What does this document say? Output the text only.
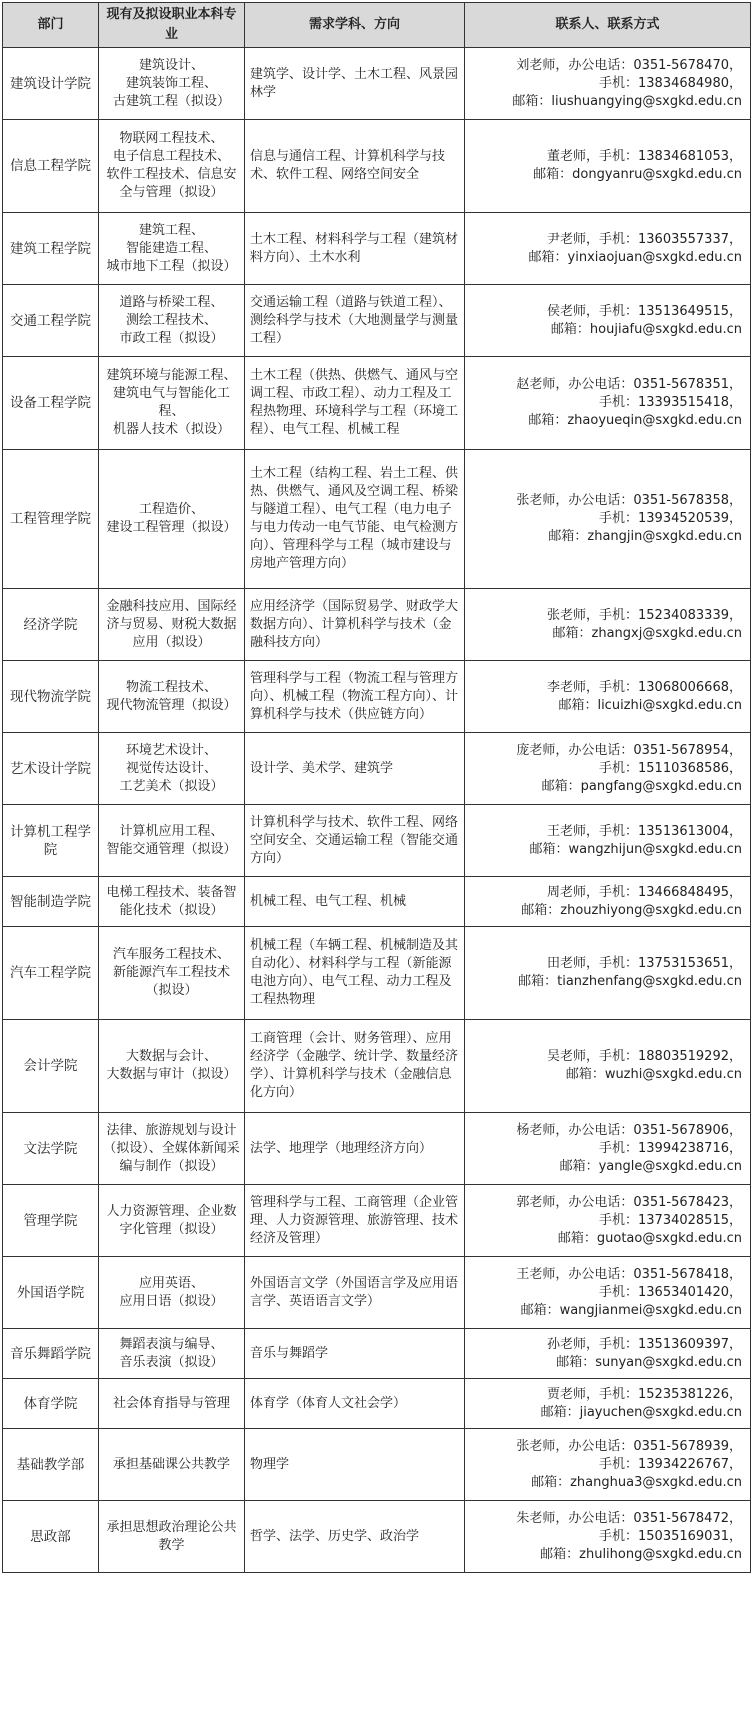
部门	现有及拟设职业本科专业	需求学科、方向	联系人、联系方式
建筑设计学院	建筑设计、
建筑装饰工程、
古建筑工程（拟设）	建筑学、设计学、土木工程、风景园林学	刘老师，办公电话：0351-5678470，
手机：13834684980，
邮箱：liushuangying@sxgkd.edu.cn
信息工程学院	物联网工程技术、
电子信息工程技术、
软件工程技术、信息安全与管理（拟设）	信息与通信工程、计算机科学与技术、软件工程、网络空间安全	董老师，手机：13834681053，
邮箱：dongyanru@sxgkd.edu.cn
建筑工程学院	建筑工程、
智能建造工程、
城市地下工程（拟设）	土木工程、材料科学与工程（建筑材料方向）、土木水利	尹老师，手机：13603557337，
邮箱：yinxiaojuan@sxgkd.edu.cn
交通工程学院	道路与桥梁工程、
测绘工程技术、
市政工程（拟设）	交通运输工程（道路与铁道工程）、测绘科学与技术（大地测量学与测量工程）	侯老师，手机：13513649515，
邮箱：houjiafu@sxgkd.edu.cn
设备工程学院	建筑环境与能源工程、
建筑电气与智能化工程、
机器人技术（拟设）	土木工程（供热、供燃气、通风与空调工程、市政工程）、动力工程及工程热物理、环境科学与工程（环境工程）、电气工程、机械工程	赵老师，办公电话：0351-5678351，
手机：13393515418，
邮箱：zhaoyueqin@sxgkd.edu.cn
工程管理学院	工程造价、
建设工程管理（拟设）	土木工程（结构工程、岩土工程、供热、供燃气、通风及空调工程、桥梁与隧道工程）、电气工程（电力电子与电力传动一电气节能、电气检测方向）、管理科学与工程（城市建设与房地产管理方向）	张老师，办公电话：0351-5678358，
手机：13934520539，
邮箱：zhangjin@sxgkd.edu.cn
经济学院	金融科技应用、国际经济与贸易、财税大数据应用（拟设）	应用经济学（国际贸易学、财政学大数据方向）、计算机科学与技术（金融科技方向）	张老师，手机：15234083339，
邮箱：zhangxj@sxgkd.edu.cn
现代物流学院	物流工程技术、
现代物流管理（拟设）	管理科学与工程（物流工程与管理方向）、机械工程（物流工程方向）、计算机科学与技术（供应链方向）	李老师，手机：13068006668，
邮箱：licuizhi@sxgkd.edu.cn
艺术设计学院	环境艺术设计、
视觉传达设计、
工艺美术（拟设）	设计学、美术学、建筑学	庞老师，办公电话：0351-5678954，
手机：15110368586，
邮箱：pangfang@sxgkd.edu.cn
计算机工程学院	计算机应用工程、
智能交通管理（拟设）	计算机科学与技术、软件工程、网络空间安全、交通运输工程（智能交通方向）	王老师，手机：13513613004，
邮箱：wangzhijun@sxgkd.edu.cn
智能制造学院	电梯工程技术、装备智能化技术（拟设）	机械工程、电气工程、机械	周老师，手机：13466848495，
邮箱：zhouzhiyong@sxgkd.edu.cn
汽车工程学院	汽车服务工程技术、
新能源汽车工程技术（拟设）	机械工程（车辆工程、机械制造及其自动化）、材料科学与工程（新能源电池方向）、电气工程、动力工程及工程热物理	田老师，手机：13753153651，
邮箱：tianzhenfang@sxgkd.edu.cn
会计学院	大数据与会计、
大数据与审计（拟设）	工商管理（会计、财务管理）、应用经济学（金融学、统计学、数量经济学）、计算机科学与技术（金融信息化方向）	吴老师，手机：18803519292，
邮箱：wuzhi@sxgkd.edu.cn
文法学院	法律、旅游规划与设计（拟设）、全媒体新闻采编与制作（拟设）	法学、地理学（地理经济方向）	杨老师，办公电话：0351-5678906，
手机：13994238716，
邮箱：yangle@sxgkd.edu.cn
管理学院	人力资源管理、企业数字化管理（拟设）	管理科学与工程、工商管理（企业管理、人力资源管理、旅游管理、技术经济及管理）	郭老师，办公电话：0351-5678423，
手机：13734028515，
邮箱：guotao@sxgkd.edu.cn
外国语学院	应用英语、
应用日语（拟设）	外国语言文学（外国语言学及应用语言学、英语语言文学）	王老师，办公电话：0351-5678418，
手机：13653401420，
邮箱：wangjianmei@sxgkd.edu.cn
音乐舞蹈学院	舞蹈表演与编导、
音乐表演（拟设）	音乐与舞蹈学	孙老师，手机：13513609397，
邮箱：sunyan@sxgkd.edu.cn
体育学院	社会体育指导与管理	体育学（体育人文社会学）	贾老师，手机：15235381226，
邮箱：jiayuchen@sxgkd.edu.cn
基础教学部	承担基础课公共教学	物理学	张老师，办公电话：0351-5678939，
手机：13934226767，
邮箱：zhanghua3@sxgkd.edu.cn
思政部	承担思想政治理论公共教学	哲学、法学、历史学、政治学	朱老师，办公电话：0351-5678472，
手机：15035169031，
邮箱：zhulihong@sxgkd.edu.cn
